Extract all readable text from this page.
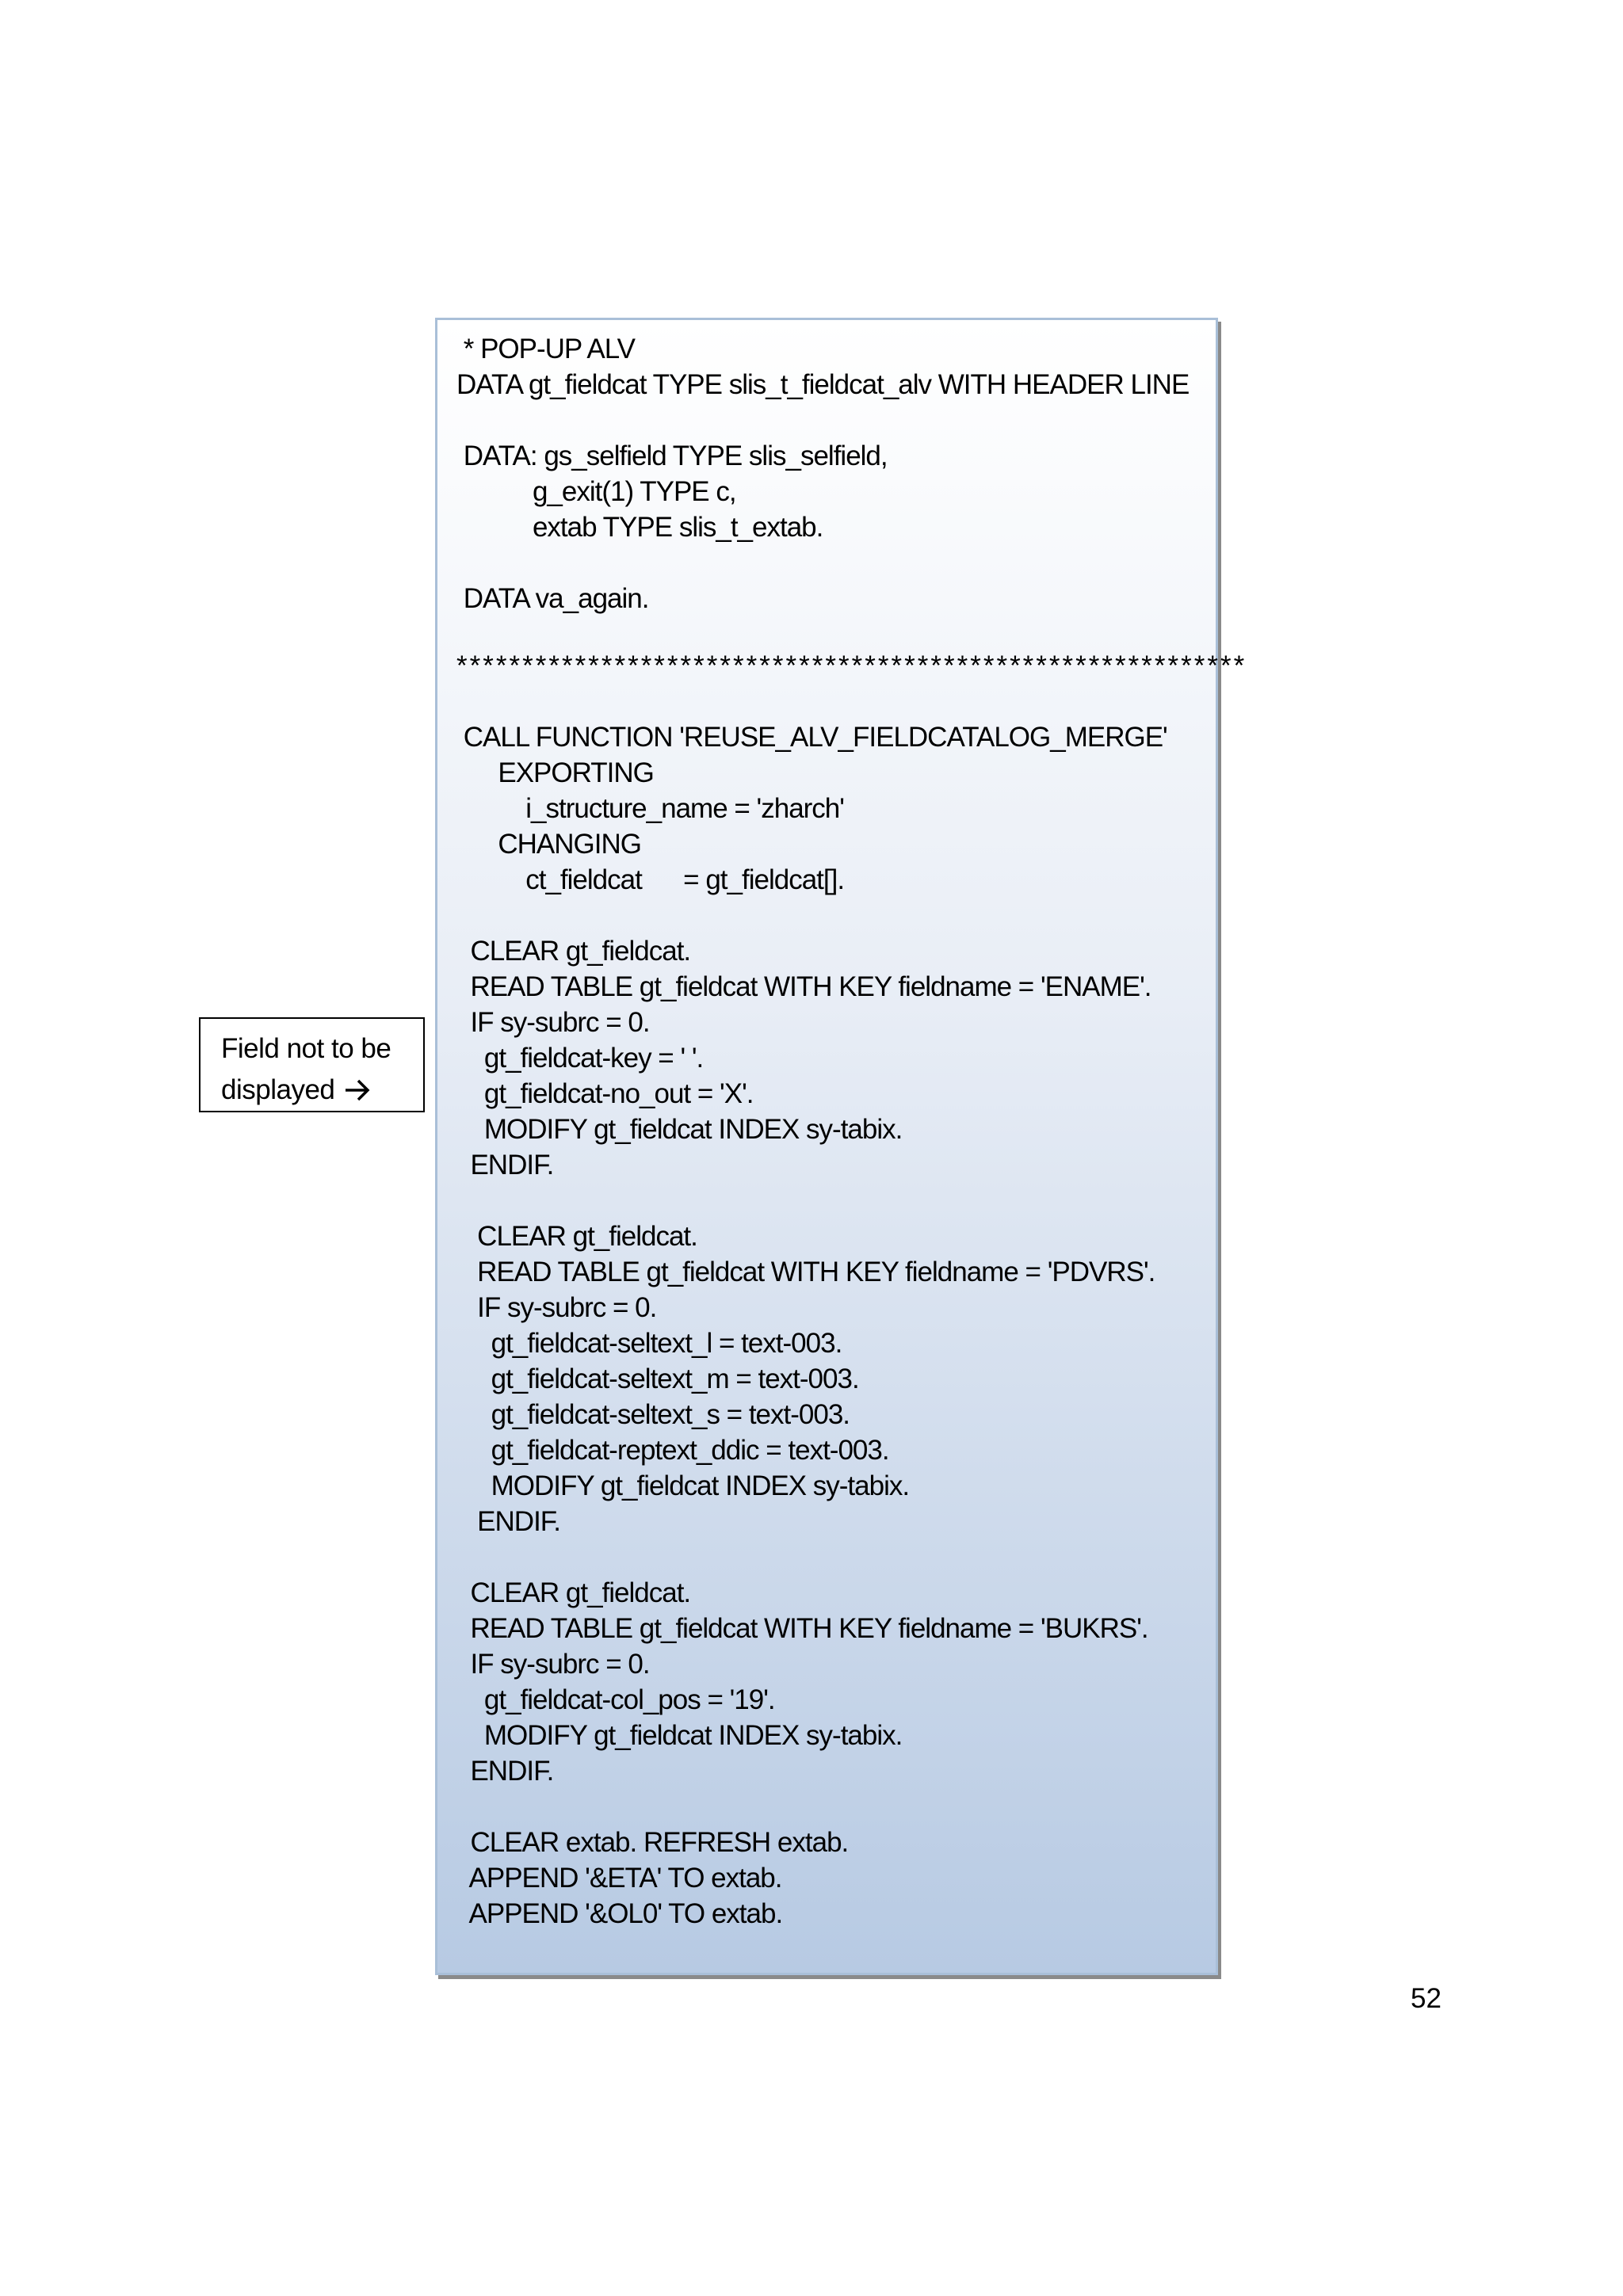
* POP-UP ALV
DATA gt_fieldcat TYPE slis_t_fieldcat_alv WITH HEADER LINE
DATA: gs_selfield TYPE slis_selfield,
g_exit(1) TYPE c,
extab TYPE slis_t_extab.
DATA va_again.
************************************************************
CALL FUNCTION 'REUSE_ALV_FIELDCATALOG_MERGE'
EXPORTING
i_structure_name = 'zharch'
CHANGING
ct_fieldcat      = gt_fieldcat[].
CLEAR gt_fieldcat.
READ TABLE gt_fieldcat WITH KEY fieldname = 'ENAME'.
IF sy-subrc = 0.
gt_fieldcat-key = ' '.
gt_fieldcat-no_out = 'X'.
MODIFY gt_fieldcat INDEX sy-tabix.
ENDIF.
CLEAR gt_fieldcat.
READ TABLE gt_fieldcat WITH KEY fieldname = 'PDVRS'.
IF sy-subrc = 0.
gt_fieldcat-seltext_l = text-003.
gt_fieldcat-seltext_m = text-003.
gt_fieldcat-seltext_s = text-003.
gt_fieldcat-reptext_ddic = text-003.
MODIFY gt_fieldcat INDEX sy-tabix.
ENDIF.
CLEAR gt_fieldcat.
READ TABLE gt_fieldcat WITH KEY fieldname = 'BUKRS'.
IF sy-subrc = 0.
gt_fieldcat-col_pos = '19'.
MODIFY gt_fieldcat INDEX sy-tabix.
ENDIF.
CLEAR extab. REFRESH extab.
APPEND '&ETA' TO extab.
APPEND '&OL0' TO extab.
Field not to be
displayed
52
